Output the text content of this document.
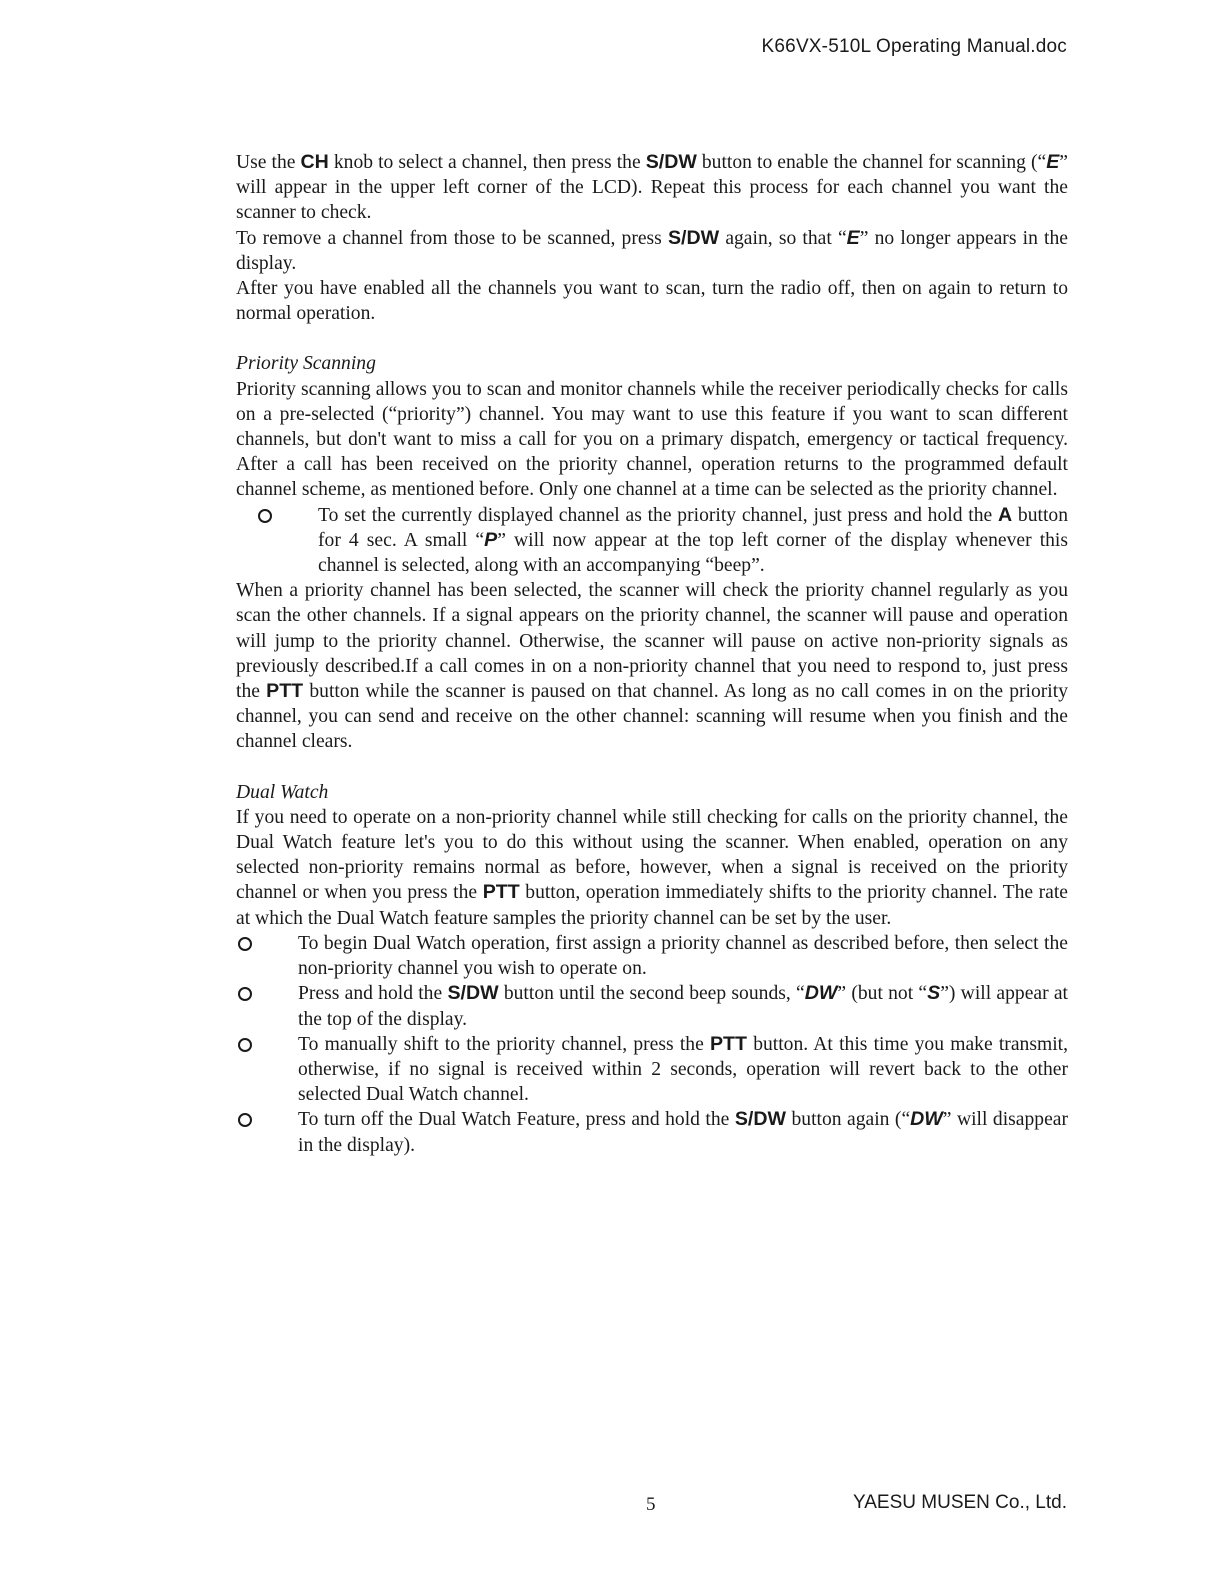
K66VX-510L Operating Manual.doc

Use the CH knob to select a channel, then press the S/DW button to enable the channel for scanning (“E” will appear in the upper left corner of the LCD). Repeat this process for each channel you want the scanner to check.

To remove a channel from those to be scanned, press S/DW again, so that “E” no longer appears in the display.

After you have enabled all the channels you want to scan, turn the radio off, then on again to return to normal operation.

Priority Scanning

Priority scanning allows you to scan and monitor channels while the receiver periodically checks for calls on a pre-selected (“priority”) channel. You may want to use this feature if you want to scan different channels, but don't want to miss a call for you on a primary dispatch, emergency or tactical frequency. After a call has been received on the priority channel, operation returns to the programmed default channel scheme, as mentioned before. Only one channel at a time can be selected as the priority channel.

To set the currently displayed channel as the priority channel, just press and hold the A button for 4 sec. A small “P” will now appear at the top left corner of the display whenever this channel is selected, along with an accompanying “beep”.

When a priority channel has been selected, the scanner will check the priority channel regularly as you scan the other channels. If a signal appears on the priority channel, the scanner will pause and operation will jump to the priority channel. Otherwise, the scanner will pause on active non-priority signals as previously described.If a call comes in on a non-priority channel that you need to respond to, just press the PTT button while the scanner is paused on that channel. As long as no call comes in on the priority channel, you can send and receive on the other channel: scanning will resume when you finish and the channel clears.

Dual Watch

If you need to operate on a non-priority channel while still checking for calls on the priority channel, the Dual Watch feature let's you to do this without using the scanner. When enabled, operation on any selected non-priority remains normal as before, however, when a signal is received on the priority channel or when you press the PTT button, operation immediately shifts to the priority channel. The rate at which the Dual Watch feature samples the priority channel can be set by the user.

To begin Dual Watch operation, first assign a priority channel as described before, then select the non-priority channel you wish to operate on.

Press and hold the S/DW button until the second beep sounds, “DW” (but not “S”) will appear at the top of the display.

To manually shift to the priority channel, press the PTT button. At this time you make transmit, otherwise, if no signal is received within 2 seconds, operation will revert back to the other selected Dual Watch channel.

To turn off the Dual Watch Feature, press and hold the S/DW button again (“DW” will disappear in the display).

5	YAESU MUSEN Co., Ltd.
